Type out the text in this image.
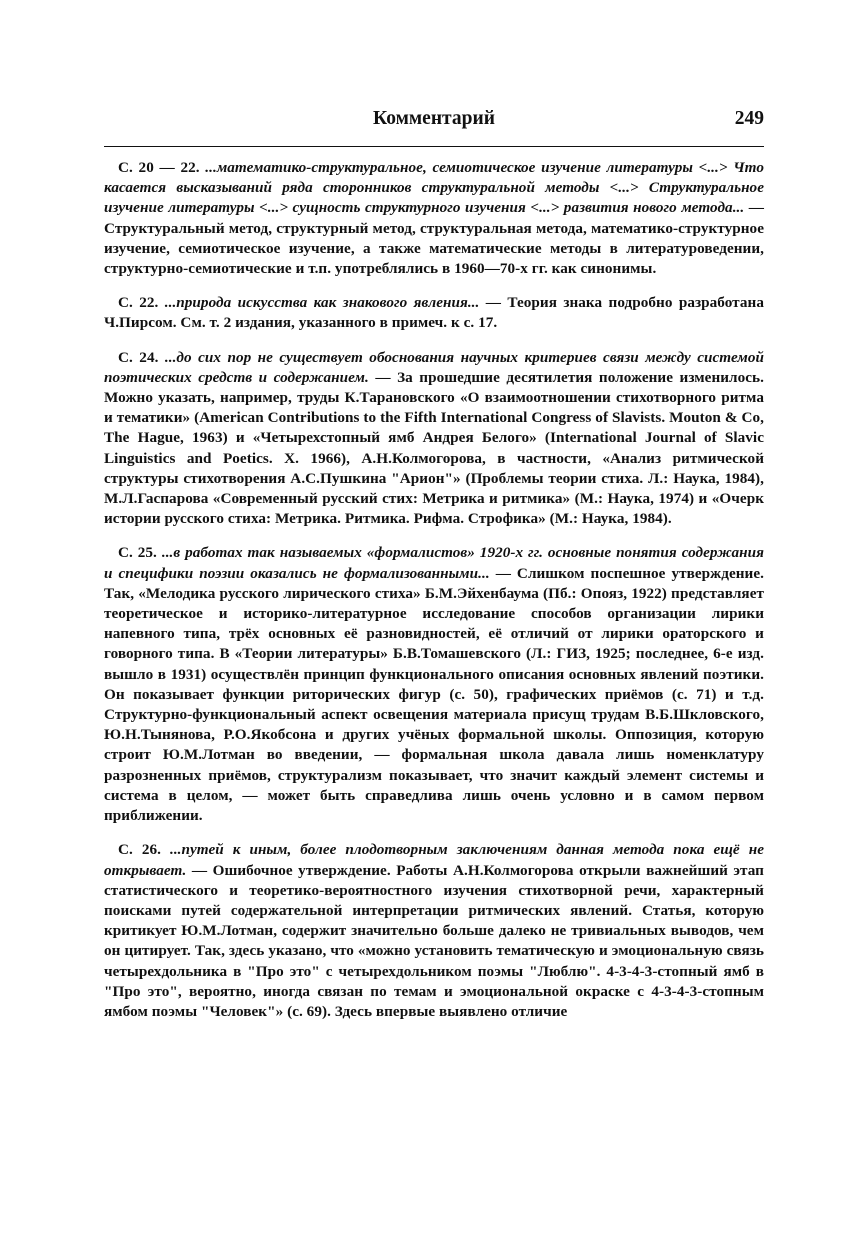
Комментарий	249

С. 20 — 22. ...математико-структуральное, семиотическое изучение литературы <...> Что касается высказываний ряда сторонников структуральной методы <...> Структуральное изучение литературы <...> сущность структурного изучения <...> развития нового метода... — Структуральный метод, структурный метод, структуральная метода, математико-структурное изучение, семиотическое изучение, а также математические методы в литературоведении, структурно-семиотические и т.п. употреблялись в 1960—70-х гг. как синонимы.

С. 22. ...природа искусства как знакового явления... — Теория знака подробно разработана Ч.Пирсом. См. т. 2 издания, указанного в примеч. к с. 17.

С. 24. ...до сих пор не существует обоснования научных критериев связи между системой поэтических средств и содержанием. — За прошедшие десятилетия положение изменилось. Можно указать, например, труды К.Тарановского «О взаимоотношении стихотворного ритма и тематики» (American Contributions to the Fifth International Congress of Slavists. Mouton & Co, The Hague, 1963) и «Четырехстопный ямб Андрея Белого» (International Journal of Slavic Linguistics and Poetics. X. 1966), А.Н.Колмогорова, в частности, «Анализ ритмической структуры стихотворения А.С.Пушкина "Арион"» (Проблемы теории стиха. Л.: Наука, 1984), М.Л.Гаспарова «Современный русский стих: Метрика и ритмика» (М.: Наука, 1974) и «Очерк истории русского стиха: Метрика. Ритмика. Рифма. Строфика» (М.: Наука, 1984).

С. 25. ...в работах так называемых «формалистов» 1920-х гг. основные понятия содержания и специфики поэзии оказались не формализованными... — Слишком поспешное утверждение. Так, «Мелодика русского лирического стиха» Б.М.Эйхенбаума (Пб.: Опояз, 1922) представляет теоретическое и историко-литературное исследование способов организации лирики напевного типа, трёх основных её разновидностей, её отличий от лирики ораторского и говорного типа. В «Теории литературы» Б.В.Томашевского (Л.: ГИЗ, 1925; последнее, 6-е изд. вышло в 1931) осуществлён принцип функционального описания основных явлений поэтики. Он показывает функции риторических фигур (с. 50), графических приёмов (с. 71) и т.д. Структурно-функциональный аспект освещения материала присущ трудам В.Б.Шкловского, Ю.Н.Тынянова, Р.О.Якобсона и других учёных формальной школы. Оппозиция, которую строит Ю.М.Лотман во введении, — формальная школа давала лишь номенклатуру разрозненных приёмов, структурализм показывает, что значит каждый элемент системы и система в целом, — может быть справедлива лишь очень условно и в самом первом приближении.

С. 26. ...путей к иным, более плодотворным заключениям данная метода пока ещё не открывает. — Ошибочное утверждение. Работы А.Н.Колмогорова открыли важнейший этап статистического и теоретико-вероятностного изучения стихотворной речи, характерный поисками путей содержательной интерпретации ритмических явлений. Статья, которую критикует Ю.М.Лотман, содержит значительно больше далеко не тривиальных выводов, чем он цитирует. Так, здесь указано, что «можно установить тематическую и эмоциональную связь четырехдольника в "Про это" с четырехдольником поэмы "Люблю". 4-3-4-3-стопный ямб в "Про это", вероятно, иногда связан по темам и эмоциональной окраске с 4-3-4-3-стопным ямбом поэмы "Человек"» (с. 69). Здесь впервые выявлено отличие
